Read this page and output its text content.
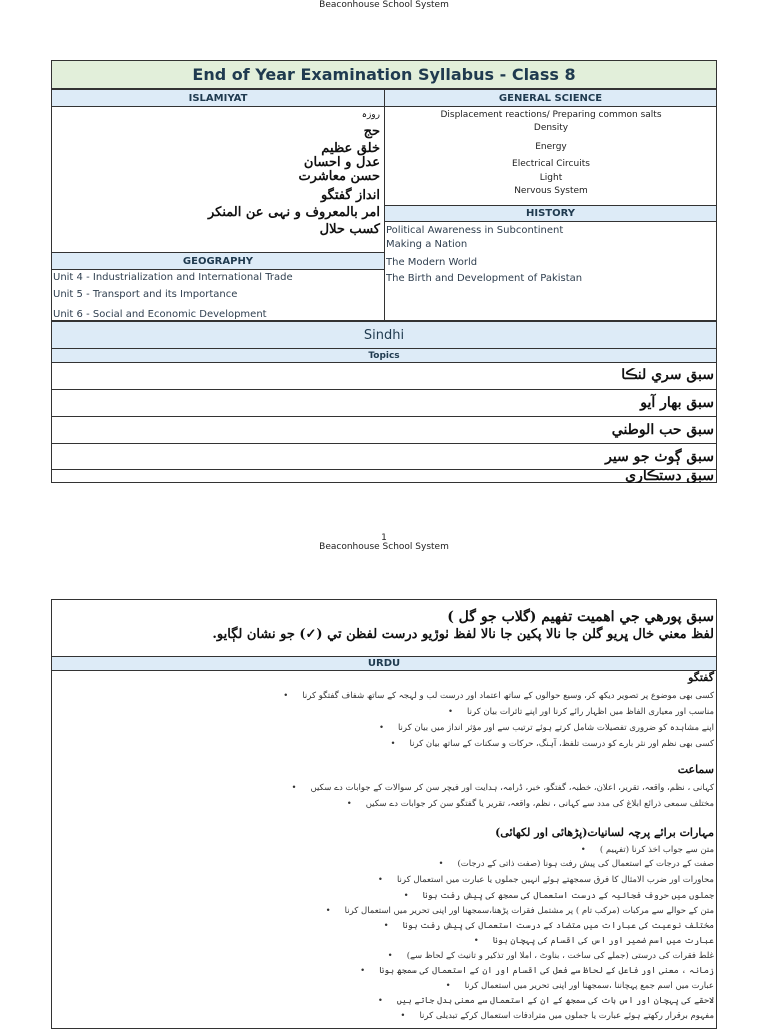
Beaconhouse School System
End of Year Examination Syllabus - Class 8
ISLAMIYAT
روزہ
حج
خلق عظیم
عدل و احسان
حسن معاشرت
انداز گفتگو
امر بالمعروف و نہی عن المنکر
کسب حلال
GENERAL SCIENCE
Displacement reactions/ Preparing common salts
Density
Energy
Electrical Circuits
Light
Nervous System
HISTORY
Political Awareness in Subcontinent
Making a Nation
The Modern World
The Birth and Development of Pakistan
GEOGRAPHY
Unit 4 - Industrialization and International Trade
Unit 5 - Transport and its Importance
Unit 6 - Social and Economic Development
Sindhi
Topics
سبق سري لنڪا
سبق بهار آيو
سبق حب الوطني
سبق ڳوٺ جو سير
سبق دستڪاري
1
Beaconhouse School System
سبق پورهي جي اهميت تفهيم (گلاب جو گل )
لفظ معني خال ڀريو گلن جا نالا پکين جا نالا لفظ ٺوڙيو درست لفظن تي (✓) جو نشان لڳايو.
URDU
گفتگو
کسی بھی موضوع پر تصویر دیکھ کر، وسیع حوالوں کے ساتھ اعتماد اور درست لب و لہجہ کے ساتھ شفاف گفتگو کرنا•
مناسب اور معیاری الفاظ میں اظہار رائے کرنا اور اپنے تاثرات بیان کرنا•
اپنے مشاہدہ کو ضروری تفصیلات شامل کرتے ہوئے ترتیب سے اور مؤثر انداز میں بیان کرنا•
کسی بھی نظم اور نثر بارے کو درست تلفظ، آہنگ، حرکات و سکنات کے ساتھ بیان کرنا•
سماعت
کہانی ، نظم، واقعہ، تقریر، اعلان، خطبہ، گفتگو، خبر، ڈرامہ، ہدایت اور فیچر سن کر سوالات کے جوابات دے سکیں•
مختلف سمعی ذرائع ابلاغ کی مدد سے کہانی ، نظم، واقعہ، تقریر یا گفتگو سن کر جوابات دے سکیں•
مہارات برائے پرچہ لسانیات(پڑھائی اور لکھائی)
متن سے جواب اخذ کرنا (تفہیم )•
صفت کے درجات کے استعمال کی پیش رفت ہونا (صفت ذاتی کے درجات)•
محاورات اور ضرب الامثال کا فرق سمجھتے ہوئے انہیں جملوں یا عبارت میں استعمال کرنا•
جملوں میں حروف فجائیہ کے درست استعمال کی سمجھ کی پیش رفت ہونا•
متن کے حوالے سے مرکبات (مرکب تام ) پر مشتمل فقرات پڑھنا،سمجھنا اور اپنی تحریر میں استعمال کرنا•
مختلف نوعیت کی عبارات میں متضاد کے درست استعمال کی پیش رفت ہونا•
عبارت میں اسم ضمیر اور اس کی اقسام کی پہچان ہونا•
غلط فقرات کی درستی (جملے کی ساخت ، بناوٹ ، املا اور تذکیر و تانیث کے لحاظ سے)•
زمانہ ، معنی اور فاعل کے لحاظ سے فعل کی اقسام اور ان کے استعمال کی سمجھ ہونا•
عبارت میں اسم جمع پہچاننا ،سمجھنا اور اپنی تحریر میں استعمال کرنا•
لاحقے کی پہچان اور اس بات کی سمجھ کے ان کے استعمال سے معنی بدل جاتے ہیں•
مفہوم برقرار رکھتے ہوئے عبارت یا جملوں میں مترادفات استعمال کرکے تبدیلی کرنا•
